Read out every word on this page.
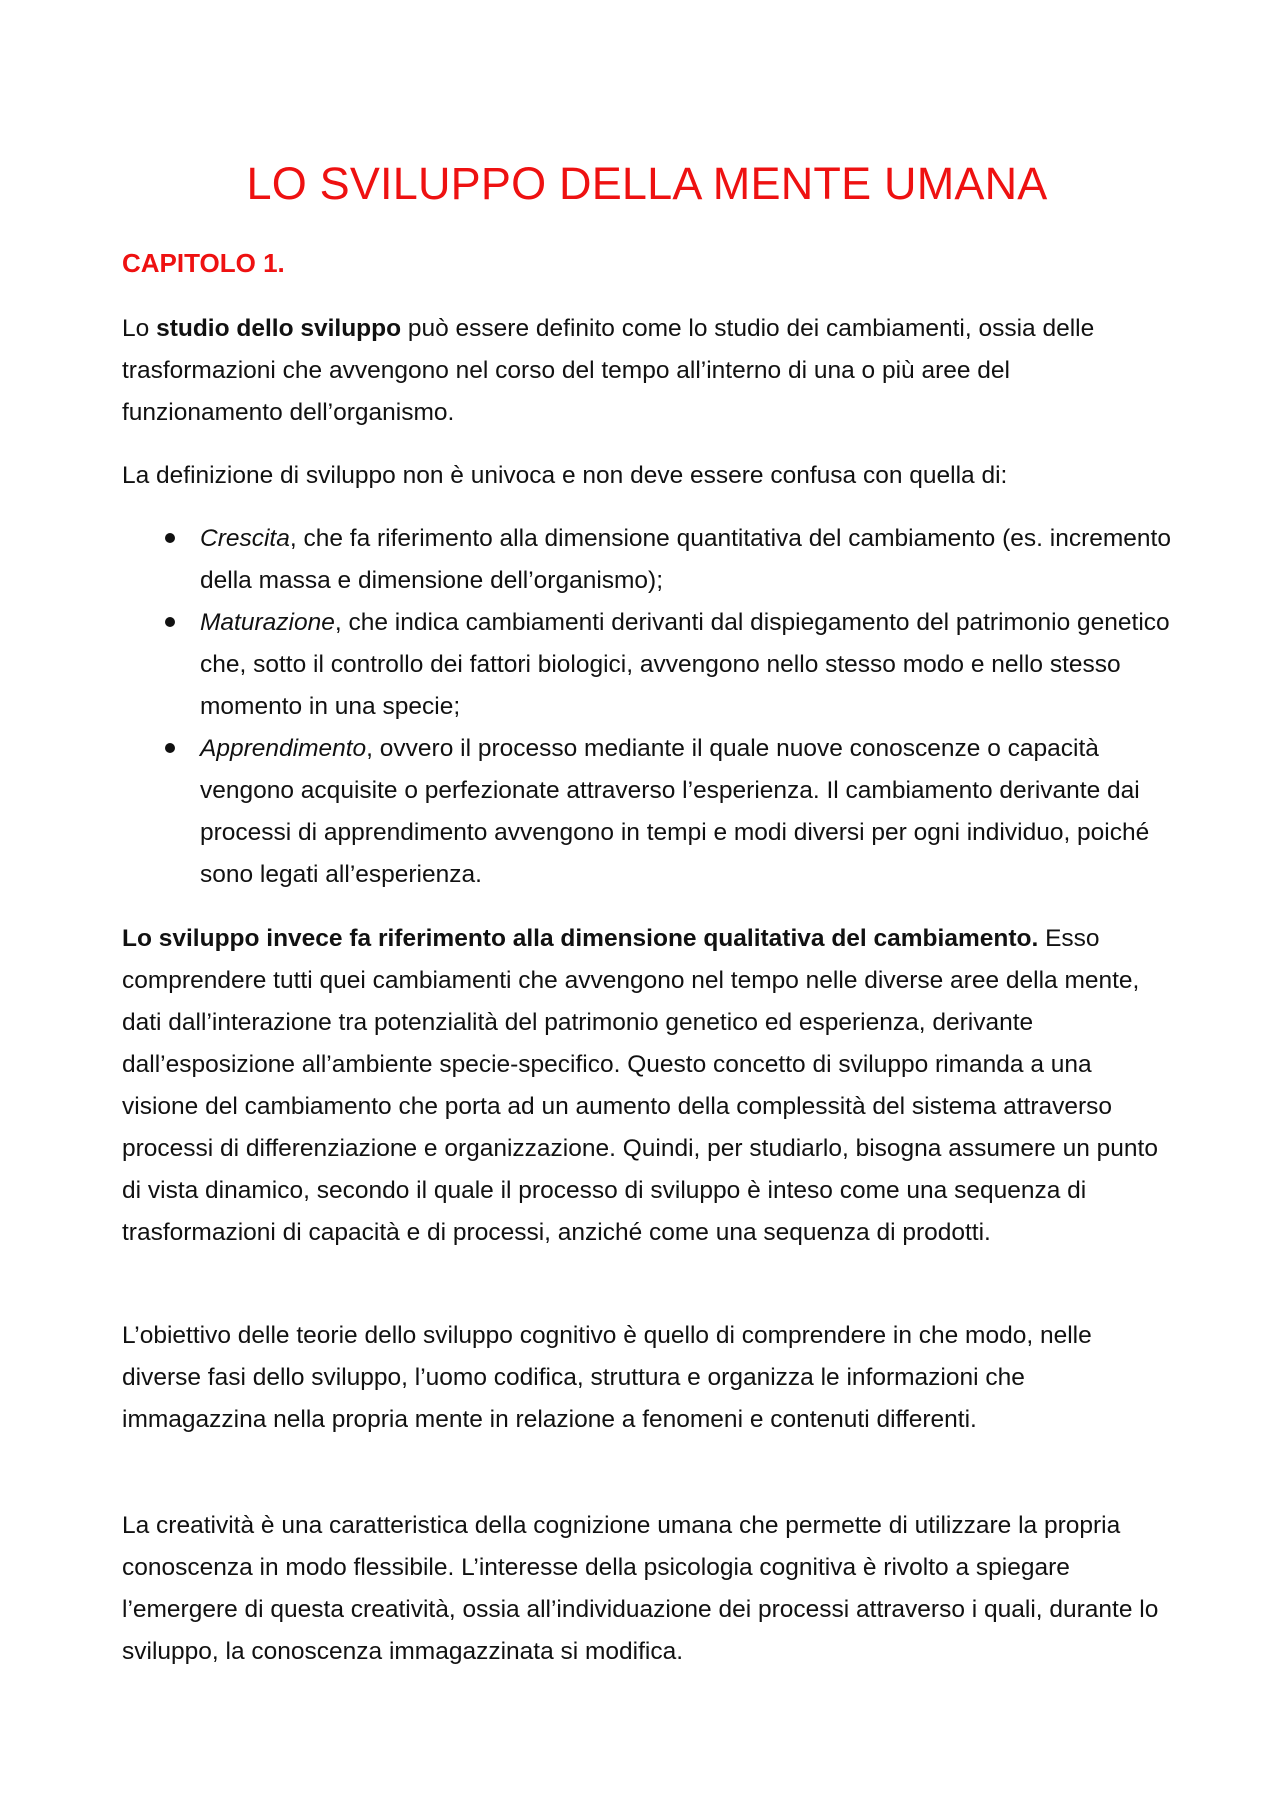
LO SVILUPPO DELLA MENTE UMANA
CAPITOLO 1.

Lo studio dello sviluppo può essere definito come lo studio dei cambiamenti, ossia delle trasformazioni che avvengono nel corso del tempo all’interno di una o più aree del funzionamento dell’organismo.

La definizione di sviluppo non è univoca e non deve essere confusa con quella di:

Crescita, che fa riferimento alla dimensione quantitativa del cambiamento (es. incremento della massa e dimensione dell’organismo);
Maturazione, che indica cambiamenti derivanti dal dispiegamento del patrimonio genetico che, sotto il controllo dei fattori biologici, avvengono nello stesso modo e nello stesso momento in una specie;
Apprendimento, ovvero il processo mediante il quale nuove conoscenze o capacità vengono acquisite o perfezionate attraverso l’esperienza. Il cambiamento derivante dai processi di apprendimento avvengono in tempi e modi diversi per ogni individuo, poiché sono legati all’esperienza.

Lo sviluppo invece fa riferimento alla dimensione qualitativa del cambiamento. Esso comprendere tutti quei cambiamenti che avvengono nel tempo nelle diverse aree della mente, dati dall’interazione tra potenzialità del patrimonio genetico ed esperienza, derivante dall’esposizione all’ambiente specie-specifico. Questo concetto di sviluppo rimanda a una visione del cambiamento che porta ad un aumento della complessità del sistema attraverso processi di differenziazione e organizzazione. Quindi, per studiarlo, bisogna assumere un punto di vista dinamico, secondo il quale il processo di sviluppo è inteso come una sequenza di trasformazioni di capacità e di processi, anziché come una sequenza di prodotti.

L’obiettivo delle teorie dello sviluppo cognitivo è quello di comprendere in che modo, nelle diverse fasi dello sviluppo, l’uomo codifica, struttura e organizza le informazioni che immagazzina nella propria mente in relazione a fenomeni e contenuti differenti.

La creatività è una caratteristica della cognizione umana che permette di utilizzare la propria conoscenza in modo flessibile. L’interesse della psicologia cognitiva è rivolto a spiegare l’emergere di questa creatività, ossia all’individuazione dei processi attraverso i quali, durante lo sviluppo, la conoscenza immagazzinata si modifica.
